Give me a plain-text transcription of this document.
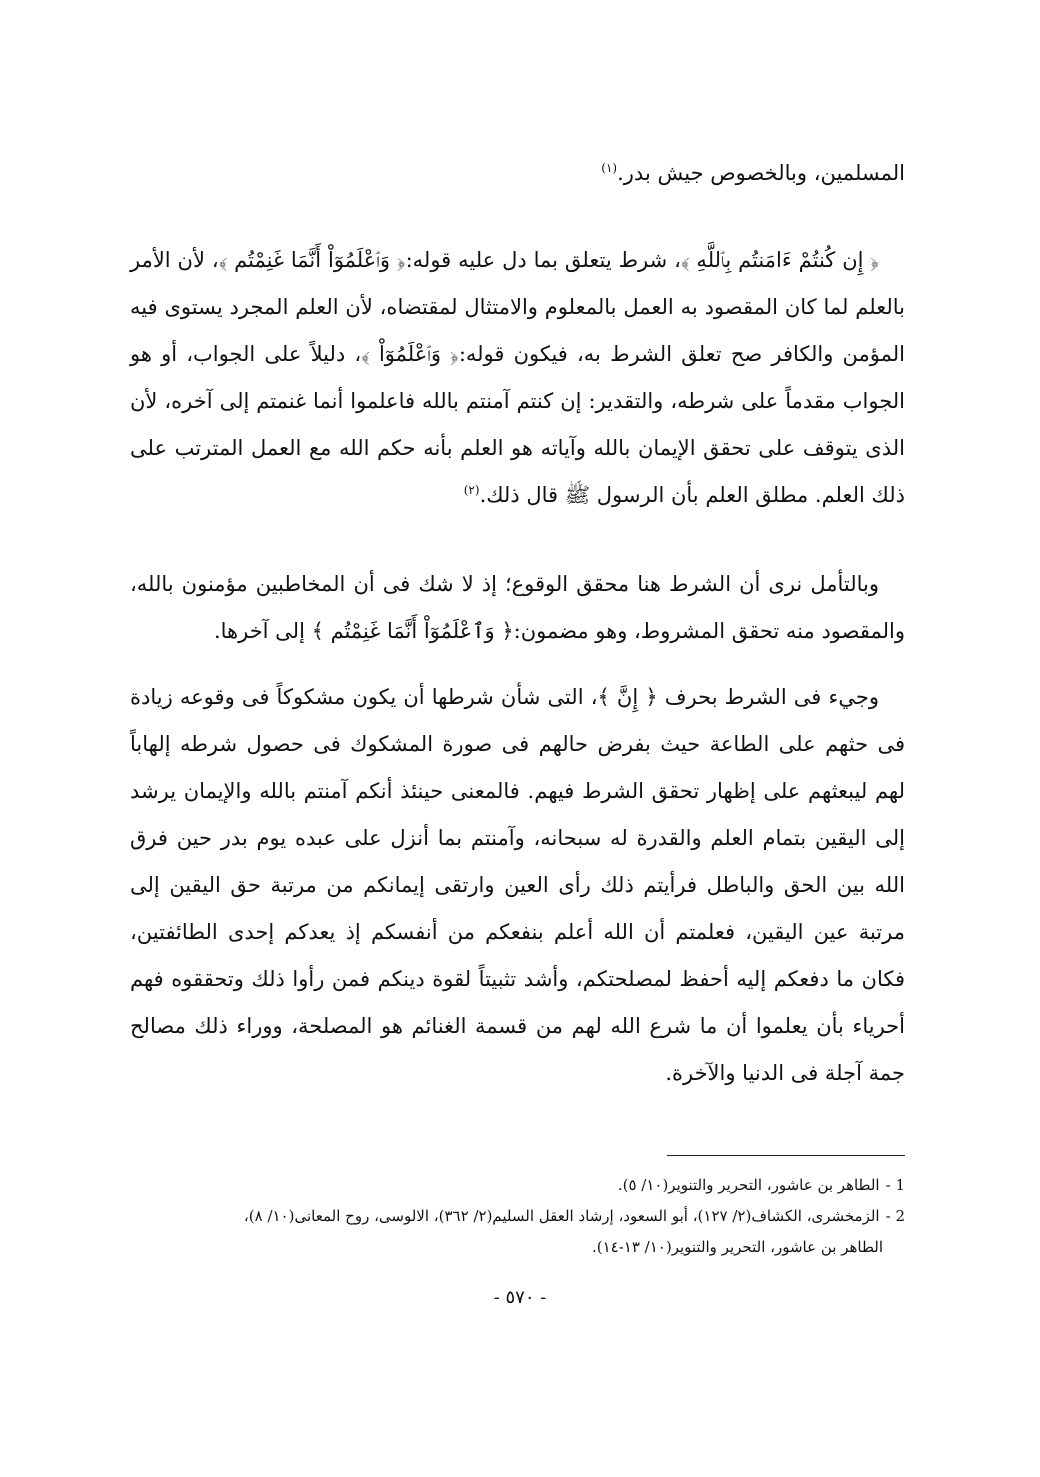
المسلمين، وبالخصوص جيش بدر.$^{(١)}$

﴿ إِن كُنتُمْ ءَامَنتُم بِٱللَّهِ ﴾، شرط يتعلق بما دل عليه قوله:﴿ وَٱعْلَمُوٓاْ أَنَّمَا غَنِمْتُم ﴾، لأن الأمر بالعلم لما كان المقصود به العمل بالمعلوم والامتثال لمقتضاه، لأن العلم المجرد يستوى فيه المؤمن والكافر صح تعلق الشرط به، فيكون قوله:﴿ وَٱعْلَمُوٓاْ ﴾، دليلاً على الجواب، أو هو الجواب مقدماً على شرطه، والتقدير: إن كنتم آمنتم بالله فاعلموا أنما غنمتم إلى آخره، لأن الذى يتوقف على تحقق الإيمان بالله وآياته هو العلم بأنه حكم الله مع العمل المترتب على ذلك العلم. مطلق العلم بأن الرسول ﷺ قال ذلك.$^{(٢)}$

وبالتأمل نرى أن الشرط هنا محقق الوقوع؛ إذ لا شك فى أن المخاطبين مؤمنون بالله، والمقصود منه تحقق المشروط، وهو مضمون:﴿ وَٱعْلَمُوٓاْ أَنَّمَا غَنِمْتُم ﴾ إلى آخرها.

وجيء فى الشرط بحرف ﴿ إِنَّ ﴾، التى شأن شرطها أن يكون مشكوكاً فى وقوعه زيادة فى حثهم على الطاعة حيث بفرض حالهم فى صورة المشكوك فى حصول شرطه إلهاباً لهم ليبعثهم على إظهار تحقق الشرط فيهم. فالمعنى حينئذ أنكم آمنتم بالله والإيمان يرشد إلى اليقين بتمام العلم والقدرة له سبحانه، وآمنتم بما أنزل على عبده يوم بدر حين فرق الله بين الحق والباطل فرأيتم ذلك رأى العين وارتقى إيمانكم من مرتبة حق اليقين إلى مرتبة عين اليقين، فعلمتم أن الله أعلم بنفعكم من أنفسكم إذ يعدكم إحدى الطائفتين، فكان ما دفعكم إليه أحفظ لمصلحتكم، وأشد تثبيتاً لقوة دينكم فمن رأوا ذلك وتحققوه فهم أحرياء بأن يعلموا أن ما شرع الله لهم من قسمة الغنائم هو المصلحة، ووراء ذلك مصالح جمة آجلة فى الدنيا والآخرة.

1 -الطاهر بن عاشور، التحرير والتنوير(١٠/ ٥).

2 -الزمخشرى، الكشاف(٢/ ١٢٧)، أبو السعود، إرشاد العقل السليم(٢/ ٣٦٢)، الالوسى، روح المعانى(١٠/ ٨)،

الطاهر بن عاشور، التحرير والتنوير(١٠/ ١٣-١٤).

- ٥٧٠ -
